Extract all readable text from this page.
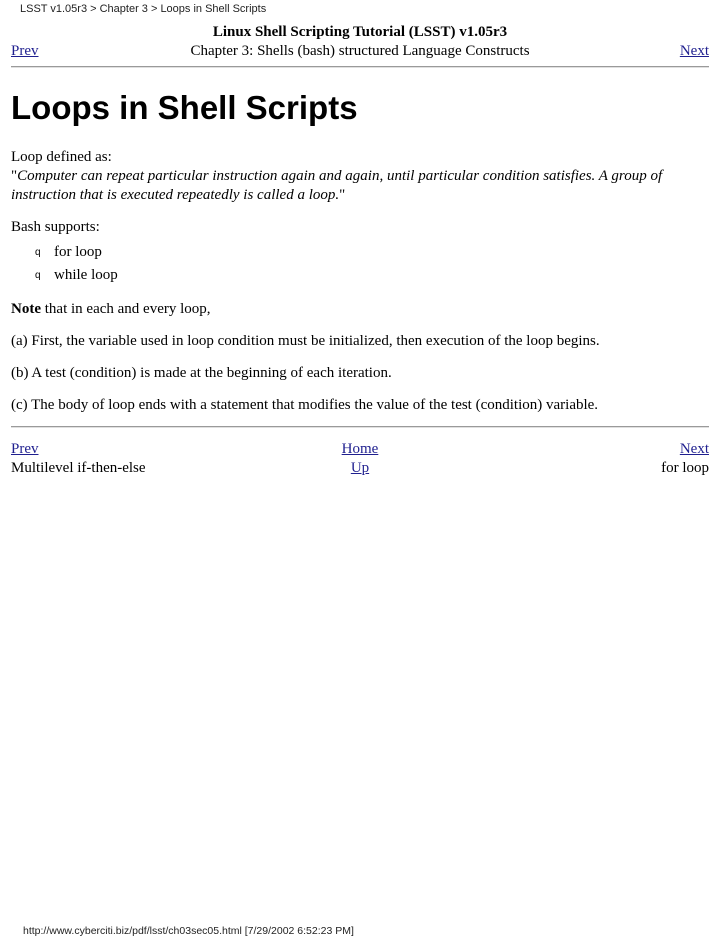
LSST v1.05r3 > Chapter 3 > Loops in Shell Scripts
Prev	Linux Shell Scripting Tutorial (LSST) v1.05r3	Next
Chapter 3: Shells (bash) structured Language Constructs
Loops in Shell Scripts

Loop defined as:
"Computer can repeat particular instruction again and again, until particular condition satisfies. A group of instruction that is executed repeatedly is called a loop."

Bash supports:

q for loop
q while loop

Note that in each and every loop,

(a) First, the variable used in loop condition must be initialized, then execution of the loop begins.

(b) A test (condition) is made at the beginning of each iteration.

(c) The body of loop ends with a statement that modifies the value of the test (condition) variable.

Prev	Home	Next
Multilevel if-then-else	Up	for loop
http://www.cyberciti.biz/pdf/lsst/ch03sec05.html [7/29/2002 6:52:23 PM]
